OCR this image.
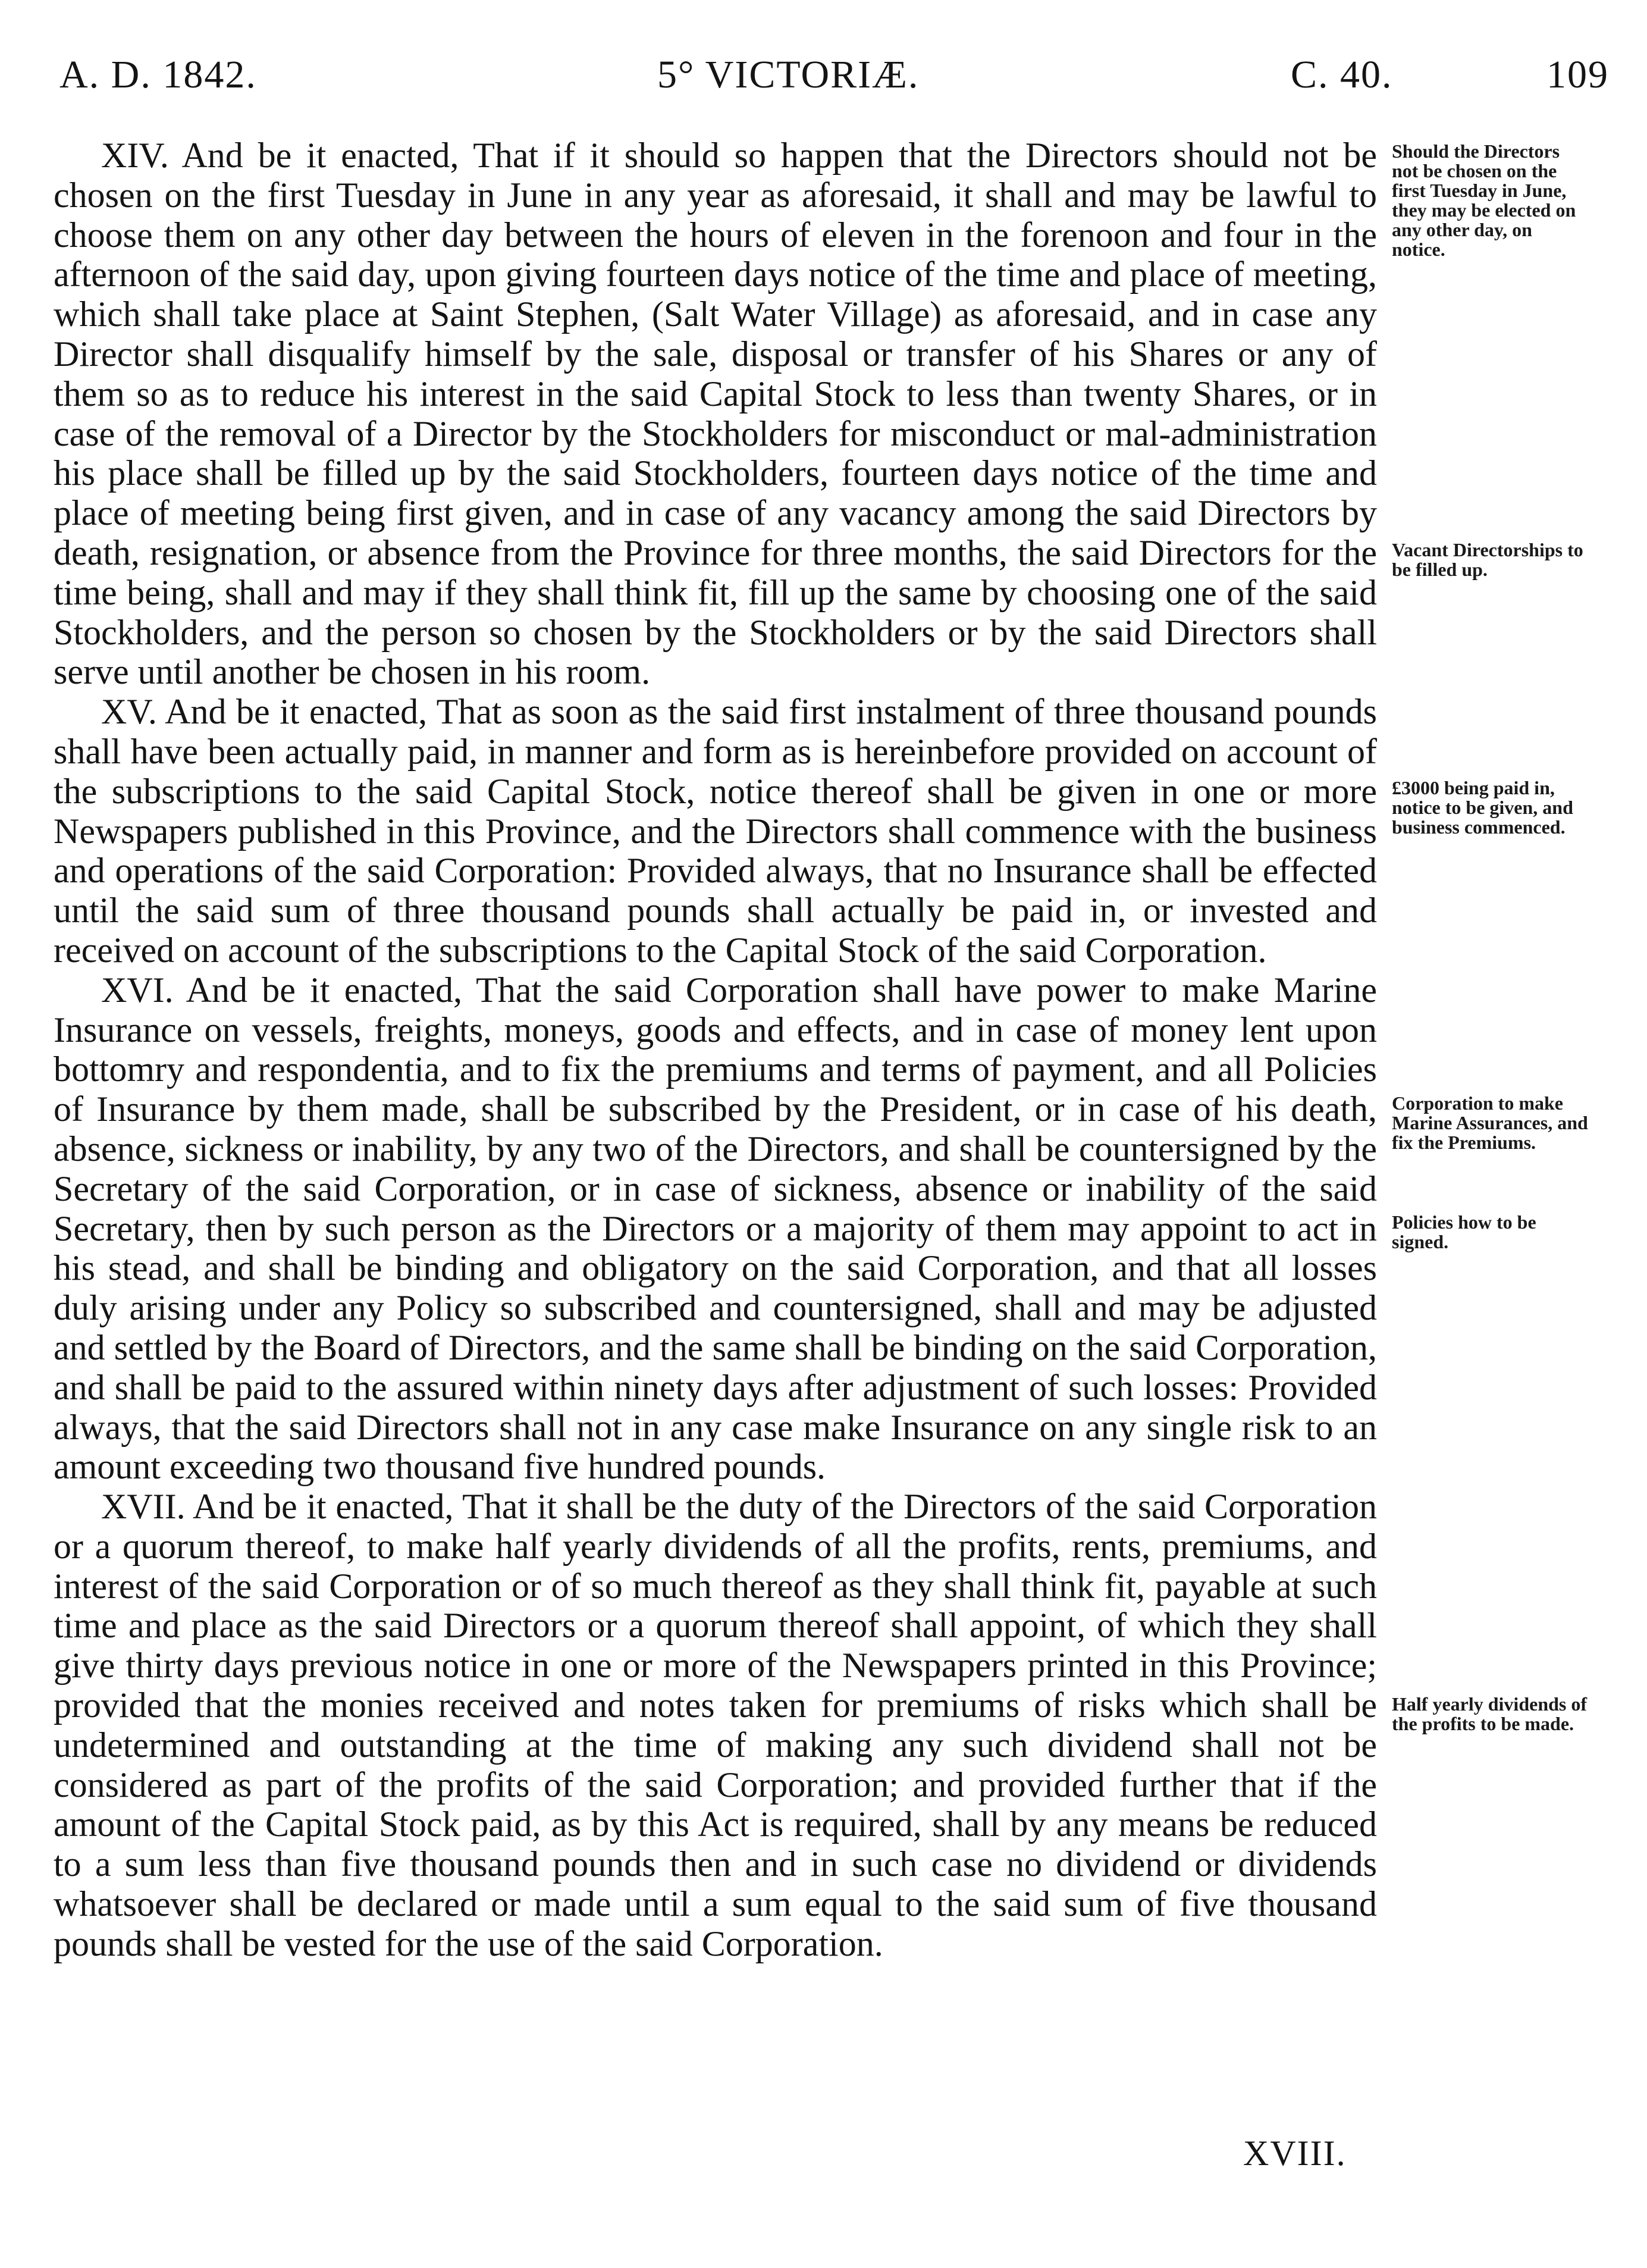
A. D. 1842.	5° VICTORIÆ.	C. 40.	109

XIV. And be it enacted, That if it should so happen that the Directors should not be chosen on the first Tuesday in June in any year as aforesaid, it shall and may be lawful to choose them on any other day between the hours of eleven in the forenoon and four in the afternoon of the said day, upon giving fourteen days notice of the time and place of meeting, which shall take place at Saint Stephen, (Salt Water Village) as aforesaid, and in case any Director shall disqualify himself by the sale, disposal or transfer of his Shares or any of them so as to reduce his interest in the said Capital Stock to less than twenty Shares, or in case of the removal of a Director by the Stockholders for misconduct or mal-administration his place shall be filled up by the said Stockholders, fourteen days notice of the time and place of meeting being first given, and in case of any vacancy among the said Directors by death, resignation, or absence from the Province for three months, the said Directors for the time being, shall and may if they shall think fit, fill up the same by choosing one of the said Stockholders, and the person so chosen by the Stockholders or by the said Directors shall serve until another be chosen in his room.

XV. And be it enacted, That as soon as the said first instalment of three thousand pounds shall have been actually paid, in manner and form as is hereinbefore provided on account of the subscriptions to the said Capital Stock, notice thereof shall be given in one or more Newspapers published in this Province, and the Directors shall commence with the business and operations of the said Corporation: Provided always, that no Insurance shall be effected until the said sum of three thousand pounds shall actually be paid in, or invested and received on account of the subscriptions to the Capital Stock of the said Corporation.

XVI. And be it enacted, That the said Corporation shall have power to make Marine Insurance on vessels, freights, moneys, goods and effects, and in case of money lent upon bottomry and respondentia, and to fix the premiums and terms of payment, and all Policies of Insurance by them made, shall be subscribed by the President, or in case of his death, absence, sickness or inability, by any two of the Directors, and shall be countersigned by the Secretary of the said Corporation, or in case of sickness, absence or inability of the said Secretary, then by such person as the Directors or a majority of them may appoint to act in his stead, and shall be binding and obligatory on the said Corporation, and that all losses duly arising under any Policy so subscribed and countersigned, shall and may be adjusted and settled by the Board of Directors, and the same shall be binding on the said Corporation, and shall be paid to the assured within ninety days after adjustment of such losses: Provided always, that the said Directors shall not in any case make Insurance on any single risk to an amount exceeding two thousand five hundred pounds.

XVII. And be it enacted, That it shall be the duty of the Directors of the said Corporation or a quorum thereof, to make half yearly dividends of all the profits, rents, premiums, and interest of the said Corporation or of so much thereof as they shall think fit, payable at such time and place as the said Directors or a quorum thereof shall appoint, of which they shall give thirty days previous notice in one or more of the Newspapers printed in this Province; provided that the monies received and notes taken for premiums of risks which shall be undetermined and outstanding at the time of making any such dividend shall not be considered as part of the profits of the said Corporation; and provided further that if the amount of the Capital Stock paid, as by this Act is required, shall by any means be reduced to a sum less than five thousand pounds then and in such case no dividend or dividends whatsoever shall be declared or made until a sum equal to the said sum of five thousand pounds shall be vested for the use of the said Corporation.

XVIII.
Should the Directors not be chosen on the first Tuesday in June, they may be elected on any other day, on notice.
Vacant Directorships to be filled up.
£3000 being paid in, notice to be given, and business commenced.
Corporation to make Marine Assurances, and fix the Premiums.
Policies how to be signed.
Half yearly dividends of the profits to be made.
